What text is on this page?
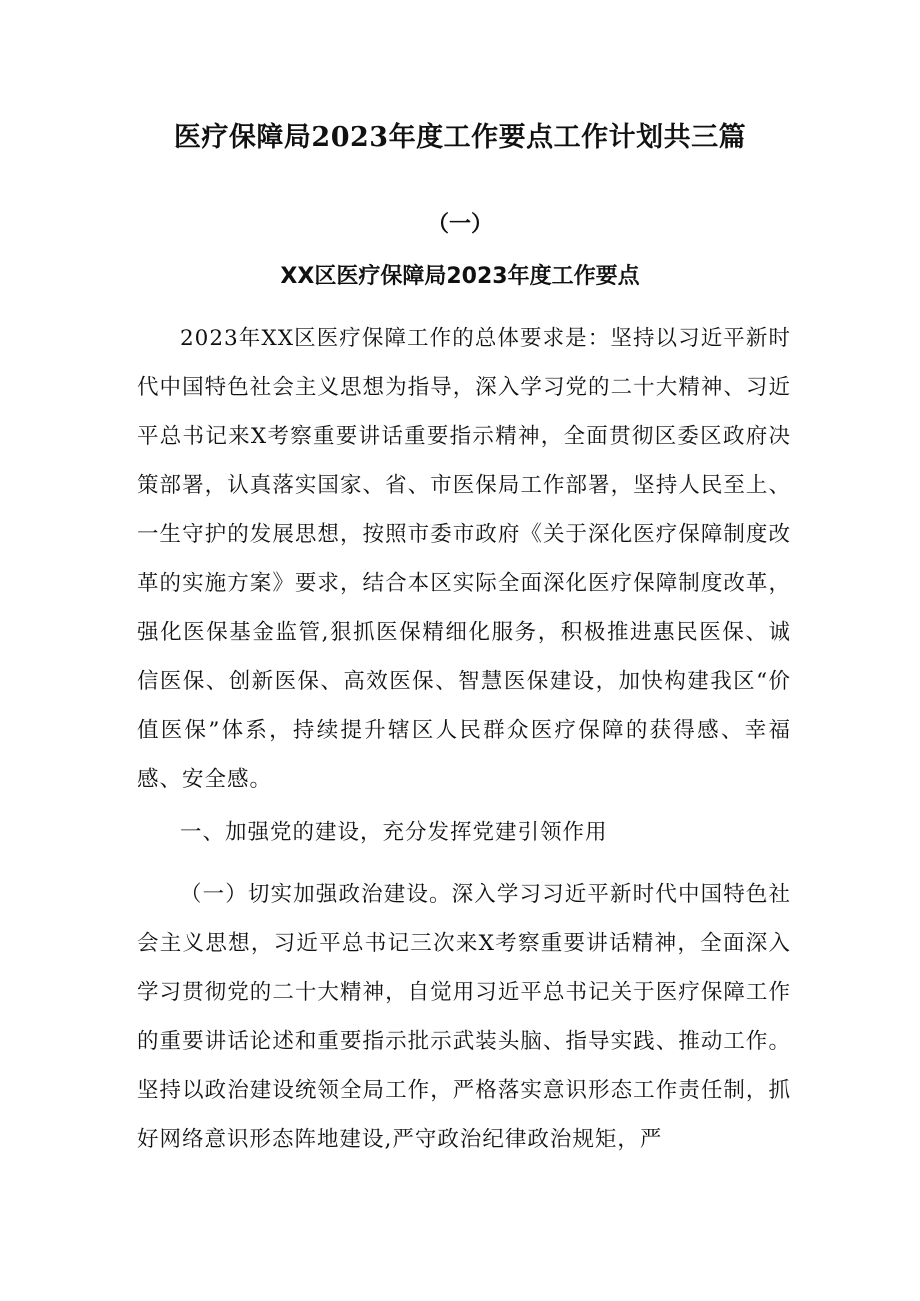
医疗保障局2023年度工作要点工作计划共三篇

（一）

XX区医疗保障局2023年度工作要点

2023年XX区医疗保障工作的总体要求是：坚持以习近平新时代中国特色社会主义思想为指导，深入学习党的二十大精神、习近平总书记来X考察重要讲话重要指示精神，全面贯彻区委区政府决策部署，认真落实国家、省、市医保局工作部署，坚持人民至上、一生守护的发展思想，按照市委市政府《关于深化医疗保障制度改革的实施方案》要求，结合本区实际全面深化医疗保障制度改革，强化医保基金监管,狠抓医保精细化服务，积极推进惠民医保、诚信医保、创新医保、高效医保、智慧医保建设，加快构建我区“价值医保”体系，持续提升辖区人民群众医疗保障的获得感、幸福感、安全感。

一、加强党的建设，充分发挥党建引领作用

（一）切实加强政治建设。深入学习习近平新时代中国特色社会主义思想，习近平总书记三次来X考察重要讲话精神，全面深入学习贯彻党的二十大精神，自觉用习近平总书记关于医疗保障工作的重要讲话论述和重要指示批示武装头脑、指导实践、推动工作。坚持以政治建设统领全局工作，严格落实意识形态工作责任制，抓好网络意识形态阵地建设,严守政治纪律政治规矩，严
